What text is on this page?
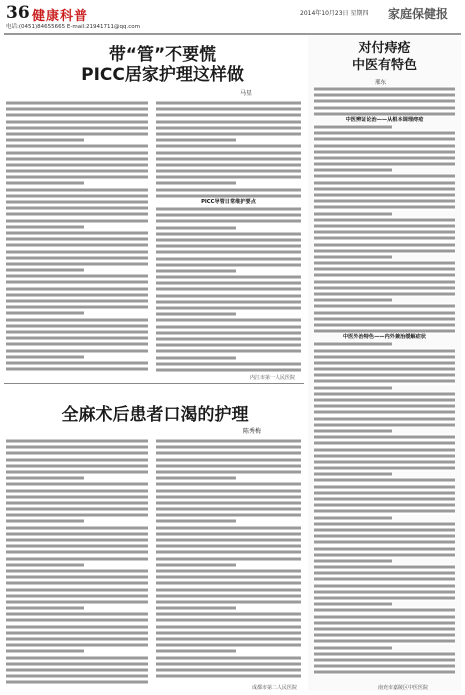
36 健康科普
电话:(0451)84655665 E-mail:21941711@qq.com
2014年10月23日 星期四 家庭保健报
带“管”不要慌
PICC居家护理这样做
马星
PICC导管日常维护要点
内江市第一人民医院
全麻术后患者口渴的护理
陈秀梅
成都市第二人民医院
对付痔疮
中医有特色
邢东
中医辨证论治——从根本调理痔疮
中医外治特色——内外兼治缓解症状
南充市嘉陵区中医医院
